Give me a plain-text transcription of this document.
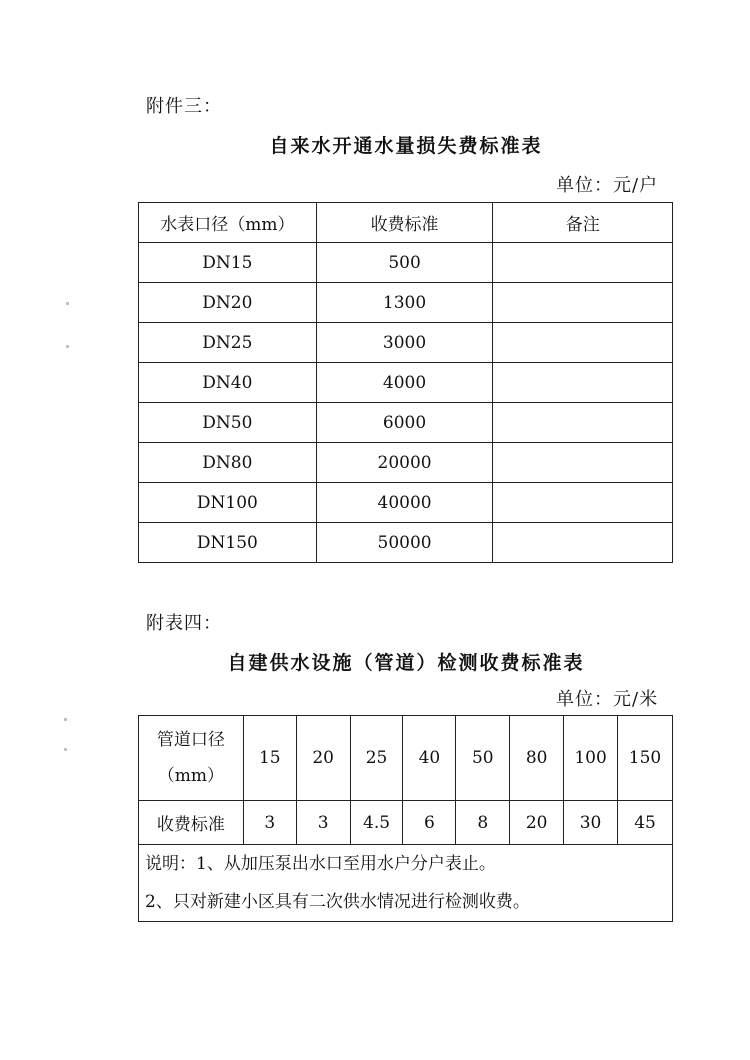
附件三：
自来水开通水量损失费标准表
单位：元/户
水表口径（mm）	收费标准	备注
DN15	500	
DN20	1300	
DN25	3000	
DN40	4000	
DN50	6000	
DN80	20000	
DN100	40000	
DN150	50000	
附表四：
自建供水设施（管道）检测收费标准表
单位：元/米
管道口径
（mm）	15	20	25	40	50	80	100	150
收费标准	3	3	4.5	6	8	20	30	45

说明：1、从加压泵出水口至用水户分户表止。
2、只对新建小区具有二次供水情况进行检测收费。								
